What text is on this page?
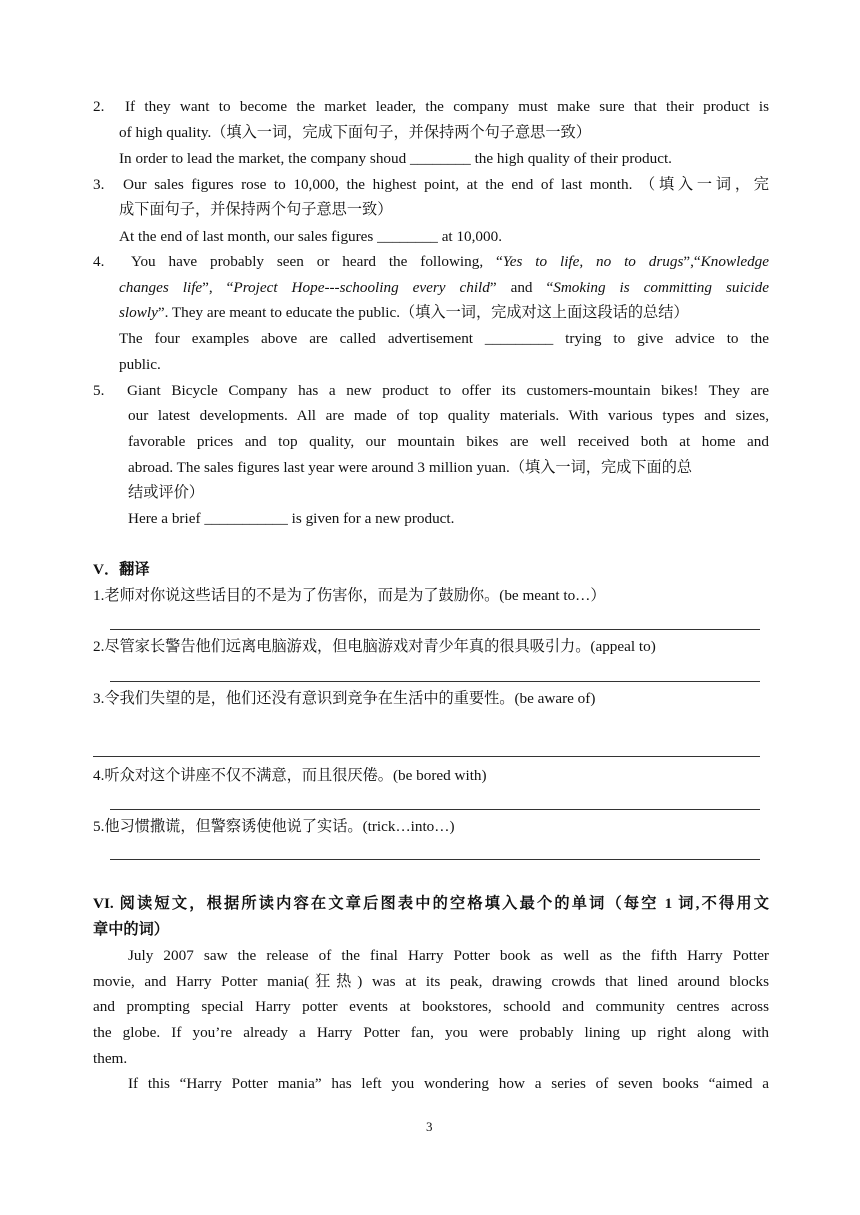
2. If they want to become the market leader, the company must make sure that their product is
of high quality.（填入一词，完成下面句子，并保持两个句子意思一致）
In order to lead the market, the company shoud ________ the high quality of their product.
3. Our sales figures rose to 10,000, the highest point, at the end of last month. （填入一词，完
成下面句子，并保持两个句子意思一致）
At the end of last month, our sales figures ________ at 10,000.
4. You have probably seen or heard the following, “Yes to life, no to drugs”,“Knowledge
changes life”, “Project Hope---schooling every child” and “Smoking is committing suicide
slowly”. They are meant to educate the public.（填入一词，完成对这上面这段话的总结）
The four examples above are called advertisement _________ trying to give advice to the
public.
5. Giant Bicycle Company has a new product to offer its customers-mountain bikes! They are
our latest developments. All are made of top quality materials. With various types and sizes,
favorable prices and top quality, our mountain bikes are well received both at home and
abroad. The sales figures last year were around 3 million yuan.（填入一词，完成下面的总
结或评价）
Here a brief ___________ is given for a new product.
V．翻译
1.老师对你说这些话目的不是为了伤害你，而是为了鼓励你。(be meant to…）
2.尽管家长警告他们远离电脑游戏，但电脑游戏对青少年真的很具吸引力。(appeal to)
3.令我们失望的是，他们还没有意识到竞争在生活中的重要性。(be aware of)
4.听众对这个讲座不仅不满意，而且很厌倦。(be bored with)
5.他习惯撒谎，但警察诱使他说了实话。(trick…into…)
VI. 阅读短文，根据所读内容在文章后图表中的空格填入最个的单词（每空 1 词,不得用文
章中的词）
July 2007 saw the release of the final Harry Potter book as well as the fifth Harry Potter
movie, and Harry Potter mania(狂热) was at its peak, drawing crowds that lined around blocks
and prompting special Harry potter events at bookstores, schoold and community centres across
the globe. If you’re already a Harry Potter fan, you were probably lining up right along with
them.
If this “Harry Potter mania” has left you wondering how a series of seven books “aimed a
3
